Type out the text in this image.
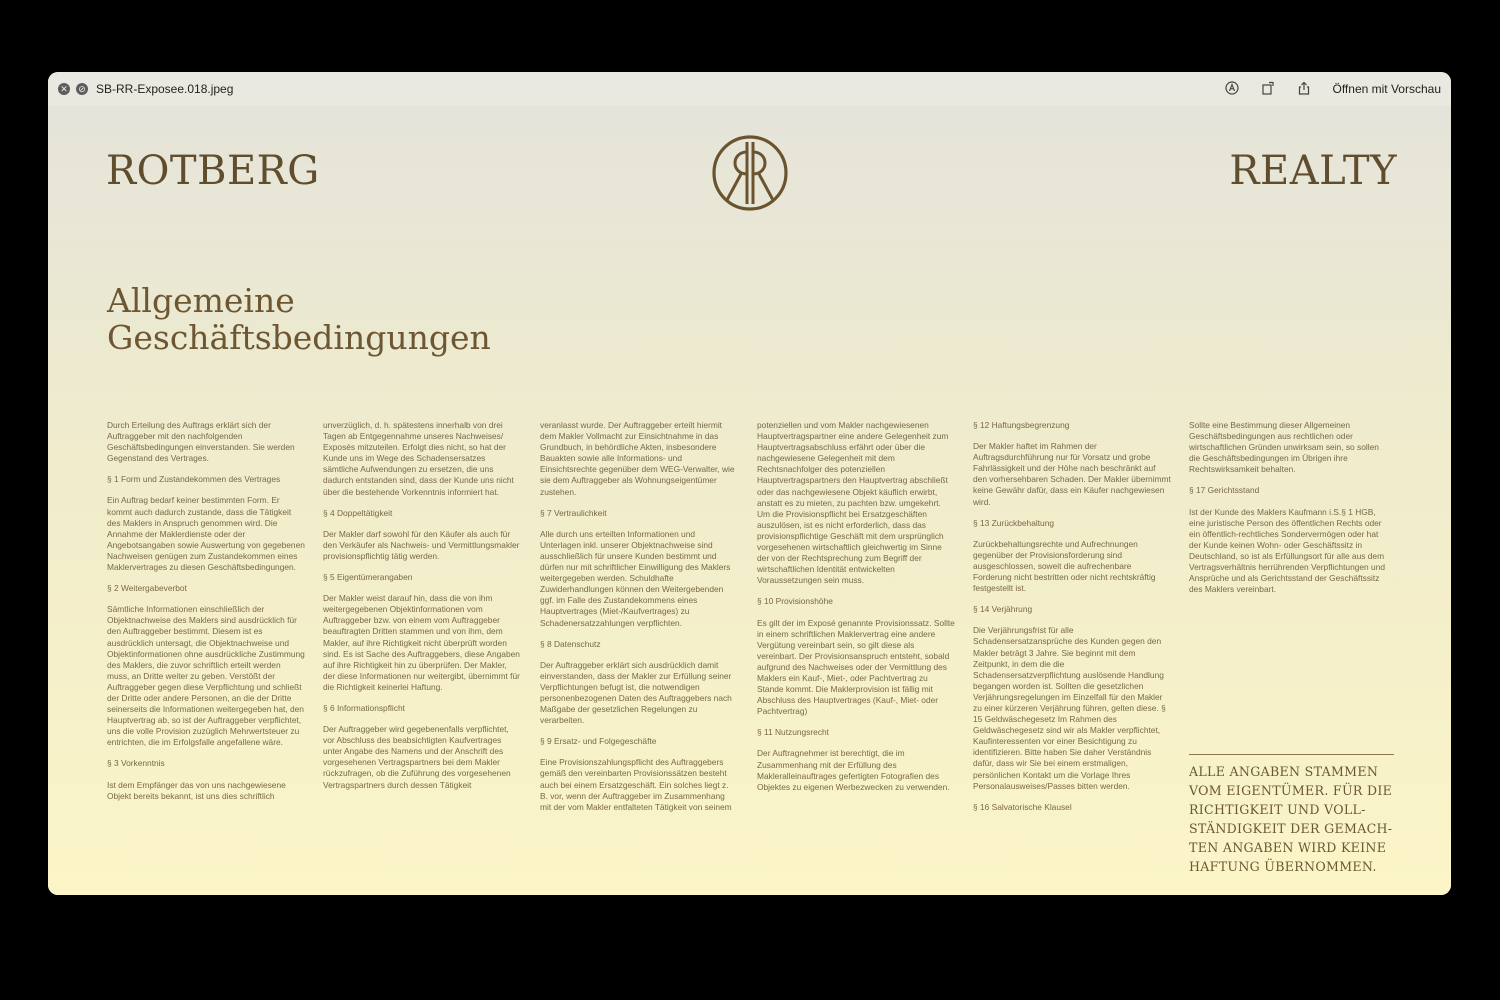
✕ ⊘ SB-RR-Exposee.018.jpeg	Öffnen mit Vorschau
ROTBERG	REALTY
Allgemeine
Geschäftsbedingungen

Durch Erteilung des Auftrags erklärt sich der Auftraggeber mit den nachfolgenden Geschäftsbedingungen einverstanden. Sie werden Gegenstand des Vertrages.

§ 1 Form und Zustandekommen des Vertrages

Ein Auftrag bedarf keiner bestimmten Form. Er kommt auch dadurch zustande, dass die Tätigkeit des Maklers in Anspruch genommen wird. Die Annahme der Maklerdienste oder der Angebotsangaben sowie Auswertung von gegebenen Nachweisen genügen zum Zustandekommen eines Maklervertrages zu diesen Geschäftsbedingungen.

§ 2 Weitergabeverbot

Sämtliche Informationen einschließlich der Objektnachweise des Maklers sind ausdrücklich für den Auftraggeber bestimmt. Diesem ist es ausdrücklich untersagt, die Objektnachweise und Objektinformationen ohne ausdrückliche Zustimmung des Maklers, die zuvor schriftlich erteilt werden muss, an Dritte weiter zu geben. Verstößt der Auftraggeber gegen diese Verpflichtung und schließt der Dritte oder andere Personen, an die der Dritte seinerseits die Informationen weitergegeben hat, den Hauptvertrag ab, so ist der Auftraggeber verpflichtet, uns die volle Provision zuzüglich Mehrwertsteuer zu entrichten, die im Erfolgsfalle angefallene wäre.

§ 3 Vorkenntnis

Ist dem Empfänger das von uns nachgewiesene Objekt bereits bekannt, ist uns dies schriftlich

unverzüglich, d. h. spätestens innerhalb von drei Tagen ab Entgegennahme unseres Nachweises/ Exposés mitzuteilen. Erfolgt dies nicht, so hat der Kunde uns im Wege des Schadensersatzes sämtliche Aufwendungen zu ersetzen, die uns dadurch entstanden sind, dass der Kunde uns nicht über die bestehende Vorkenntnis informiert hat.

§ 4 Doppeltätigkeit

Der Makler darf sowohl für den Käufer als auch für den Verkäufer als Nachweis- und Vermittlungsmakler provisionspflichtig tätig werden.

§ 5 Eigentümerangaben

Der Makler weist darauf hin, dass die von ihm weitergegebenen Objektinformationen vom Auftraggeber bzw. von einem vom Auftraggeber beauftragten Dritten stammen und von ihm, dem Makler, auf ihre Richtigkeit nicht überprüft worden sind. Es ist Sache des Auftraggebers, diese Angaben auf ihre Richtigkeit hin zu überprüfen. Der Makler, der diese Informationen nur weitergibt, übernimmt für die Richtigkeit keinerlei Haftung.

§ 6 Informationspflicht

Der Auftraggeber wird gegebenenfalls verpflichtet, vor Abschluss des beabsichtigten Kaufvertrages unter Angabe des Namens und der Anschrift des vorgesehenen Vertragspartners bei dem Makler rückzufragen, ob die Zuführung des vorgesehenen Vertragspartners durch dessen Tätigkeit

veranlasst wurde. Der Auftraggeber erteilt hiermit dem Makler Vollmacht zur Einsichtnahme in das Grundbuch, in behördliche Akten, insbesondere Bauakten sowie alle Informations- und Einsichtsrechte gegenüber dem WEG-Verwalter, wie sie dem Auftraggeber als Wohnungseigentümer zustehen.

§ 7 Vertraulichkeit

Alle durch uns erteilten Informationen und Unterlagen inkl. unserer Objektnachweise sind ausschließlich für unsere Kunden bestimmt und dürfen nur mit schriftlicher Einwilligung des Maklers weitergegeben werden. Schuldhafte Zuwiderhandlungen können den Weitergebenden ggf. im Falle des Zustandekommens eines Hauptvertrages (Miet-/Kaufvertrages) zu Schadenersatzzahlungen verpflichten.

§ 8 Datenschutz

Der Auftraggeber erklärt sich ausdrücklich damit einverstanden, dass der Makler zur Erfüllung seiner Verpflichtungen befugt ist, die notwendigen personenbezogenen Daten des Auftraggebers nach Maßgabe der gesetzlichen Regelungen zu verarbeiten.

§ 9 Ersatz- und Folgegeschäfte

Eine Provisionszahlungspflicht des Auftraggebers gemäß den vereinbarten Provisionssätzen besteht auch bei einem Ersatzgeschäft. Ein solches liegt z. B. vor, wenn der Auftraggeber im Zusammenhang mit der vom Makler entfalteten Tätigkeit von seinem

potenziellen und vom Makler nachgewiesenen Hauptvertragspartner eine andere Gelegenheit zum Hauptvertragsabschluss erfährt oder über die nachgewiesene Gelegenheit mit dem Rechtsnachfolger des potenziellen Hauptvertragspartners den Hauptvertrag abschließt oder das nachgewiesene Objekt käuflich erwirbt, anstatt es zu mieten, zu pachten bzw. umgekehrt. Um die Provisionspflicht bei Ersatzgeschäften auszulösen, ist es nicht erforderlich, dass das provisionspflichtige Geschäft mit dem ursprünglich vorgesehenen wirtschaftlich gleichwertig im Sinne der von der Rechtsprechung zum Begriff der wirtschaftlichen Identität entwickelten Voraussetzungen sein muss.

§ 10 Provisionshöhe

Es gilt der im Exposé genannte Provisionssatz. Sollte in einem schriftlichen Maklervertrag eine andere Vergütung vereinbart sein, so gilt diese als vereinbart. Der Provisionsanspruch entsteht, sobald aufgrund des Nachweises oder der Vermittlung des Maklers ein Kauf-, Miet-, oder Pachtvertrag zu Stande kommt. Die Maklerprovision ist fällig mit Abschluss des Hauptvertrages (Kauf-, Miet- oder Pachtvertrag)

§ 11 Nutzungsrecht

Der Auftragnehmer ist berechtigt, die im Zusammenhang mit der Erfüllung des Makleralleinauftrages gefertigten Fotografien des Objektes zu eigenen Werbezwecken zu verwenden.

§ 12 Haftungsbegrenzung

Der Makler haftet im Rahmen der Auftragsdurchführung nur für Vorsatz und grobe Fahrlässigkeit und der Höhe nach beschränkt auf den vorhersehbaren Schaden. Der Makler übernimmt keine Gewähr dafür, dass ein Käufer nachgewiesen wird.

§ 13 Zurückbehaltung

Zurückbehaltungsrechte und Aufrechnungen gegenüber der Provisionsforderung sind ausgeschlossen, soweit die aufrechenbare Forderung nicht bestritten oder nicht rechtskräftig festgestellt ist.

§ 14 Verjährung

Die Verjährungsfrist für alle Schadensersatzansprüche des Kunden gegen den Makler beträgt 3 Jahre. Sie beginnt mit dem Zeitpunkt, in dem die die Schadensersatzverpflichtung auslösende Handlung begangen worden ist. Sollten die gesetzlichen Verjährungsregelungen im Einzelfall für den Makler zu einer kürzeren Verjährung führen, gelten diese. § 15 Geldwäschegesetz Im Rahmen des Geldwäschegesetz sind wir als Makler verpflichtet, Kaufinteressenten vor einer Besichtigung zu identifizieren. Bitte haben Sie daher Verständnis dafür, dass wir Sie bei einem erstmaligen, persönlichen Kontakt um die Vorlage Ihres Personalausweises/Passes bitten werden.

§ 16 Salvatorische Klausel

Sollte eine Bestimmung dieser Allgemeinen Geschäftsbedingungen aus rechtlichen oder wirtschaftlichen Gründen unwirksam sein, so sollen die Geschäftsbedingungen im Übrigen ihre Rechtswirksamkeit behalten.

§ 17 Gerichtsstand

Ist der Kunde des Maklers Kaufmann i.S.§ 1 HGB, eine juristische Person des öffentlichen Rechts oder ein öffentlich-rechtliches Sondervermögen oder hat der Kunde keinen Wohn- oder Geschäftssitz in Deutschland, so ist als Erfüllungsort für alle aus dem Vertragsverhältnis herrührenden Verpflichtungen und Ansprüche und als Gerichtsstand der Geschäftssitz des Maklers vereinbart.

ALLE ANGABEN STAMMEN VOM EIGENTÜMER. FÜR DIE RICHTIGKEIT UND VOLL-STÄNDIGKEIT DER GEMACH-TEN ANGABEN WIRD KEINE HAFTUNG ÜBERNOMMEN.
